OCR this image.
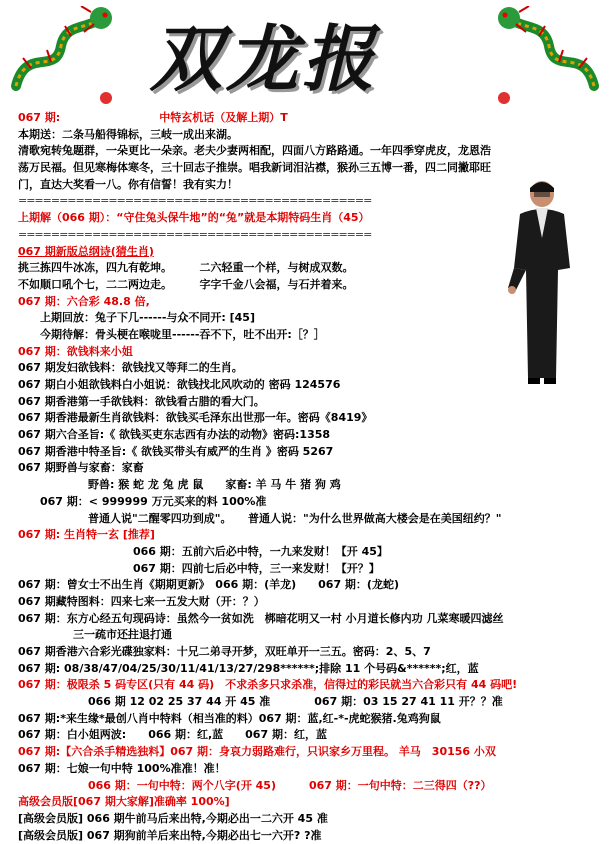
双龙报
067 期:　　　　　　　　　中特玄机话（及解上期）T
本期送：二条马船得锦标，三岐一成出来湖。
清歌宛转兔题群，一朵更比一朵亲。老夫少妻两相配，四面八方路路通。一年四季穿虎皮，龙恩浩荡万民福。但见寒梅体寒冬，三十回志子推崇。唱我新词泪沾襟，猴孙三五博一番，四二同撇耶旺门，直达大奖看一八。你有信誓！我有实力！
===========================================
上期解（066 期）：“守住兔头保牛地”的“兔”就是本期特码生肖（45）
===========================================
067 期新版总纲诗(猜生肖)
挑三拣四牛冰冻，四九有乾坤。　　　二六轻重一个样，与树成双数。
不如顺口吼个七，二二两边走。　　　字字千金八会福，与石并着来。
067 期：六合彩 48.8 倍,
上期回放：兔子下几------与众不同开: [45]
今期待解：骨头梗在喉咙里------吞不下，吐不出开:［？］
067 期：欲钱料来小姐
067 期发妇欲钱料：欲钱找又等拜二的生肖。
067 期白小姐欲钱料白小姐说：欲钱找北风吹动的 密码 124576
067 期香港第一手欲钱料：欲钱看古腊的看大门。
067 期香港最新生肖欲钱料：欲钱买毛泽东出世那一年。密码《8419》
067 期六合圣旨:《 欲钱买吏东志西有办法的动物》密码:1358
067 期香港中特圣旨:《 欲钱买带头有威严的生肖 》密码 5267
067 期野兽与家畜：家畜
野兽: 猴 蛇 龙 兔 虎 鼠　　家畜: 羊 马 牛 猪 狗 鸡
067 期：< 999999 万元买来的料 100%准
普通人说"二醒零四功到成"。　　普通人说："为什么世界做高大楼会是在美国纽约？"
067 期: 生肖特一玄 [推荐]
066 期：五前六后必中特，一九来发财！【开 45】
067 期：四前七后必中特，三一来发财！【开？】
067 期：曾女士不出生肖《期期更新》　066 期：(羊龙)　　067 期：(龙蛇)
067 期藏特图料：四来七来一五发大财（开：？）
067 期：东方心经五句现码诗：虽然今一贫如洗　梆暗花明又一村 小月道长修内功 几菜寒暖四滤丝
　　　　　三一疏市还拄退打通
067 期香港六合彩光碟独家料：十兄二弟寻开梦，双旺单开一三五。密码：2、5、7
067 期: 08/38/47/04/25/30/11/41/13/27/298******;排除 11 个号码&******;红，蓝
067 期：极限杀 5 码专区(只有 44 码)　不求杀多只求杀准，信得过的彩民就当六合彩只有 44 码吧!
066 期 12 02 25 37 44 开 45 准　　　　067 期：03 15 27 41 11 开？？准
067 期:*来生缘*最创八肖中特料（相当准的料）067 期：蓝,红-*-虎蛇猴猪.兔鸡狗鼠
067 期：白小姐两波:　　066 期：红,蓝　　067 期：红，蓝
067 期:【六合杀手精选独料】067 期：身哀力弱路难行，只识家乡万里程。 羊马　30156 小双
067 期：七娘一句中特 100%准准！准！
066 期：一句中特：两个八字(开 45)　　　067 期：一句中特：二三得四（??）
高级会员版[067 期大家解]准确率 100%]
[高级会员版] 066 期牛前马后来出特,今期必出一二六开 45 准
[高级会员版] 067 期狗前羊后来出特,今期必出七一六开? ?准
